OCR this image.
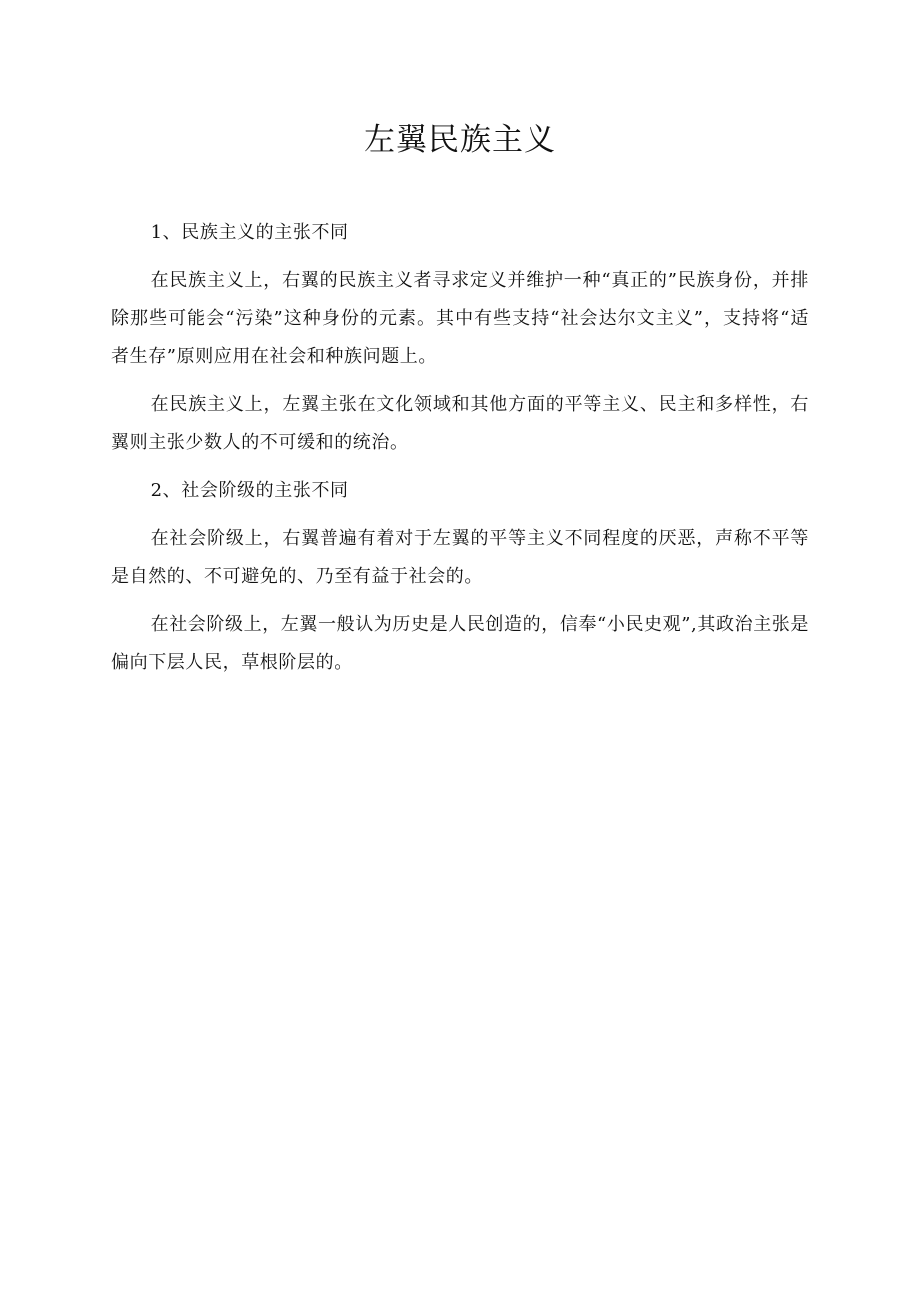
左翼民族主义

1、民族主义的主张不同

在民族主义上，右翼的民族主义者寻求定义并维护一种“真正的”民族身份，并排除那些可能会“污染”这种身份的元素。其中有些支持“社会达尔文主义”，支持将“适者生存”原则应用在社会和种族问题上。

在民族主义上，左翼主张在文化领域和其他方面的平等主义、民主和多样性，右翼则主张少数人的不可缓和的统治。

2、社会阶级的主张不同

在社会阶级上，右翼普遍有着对于左翼的平等主义不同程度的厌恶，声称不平等是自然的、不可避免的、乃至有益于社会的。

在社会阶级上，左翼一般认为历史是人民创造的，信奉“小民史观”,其政治主张是偏向下层人民，草根阶层的。
